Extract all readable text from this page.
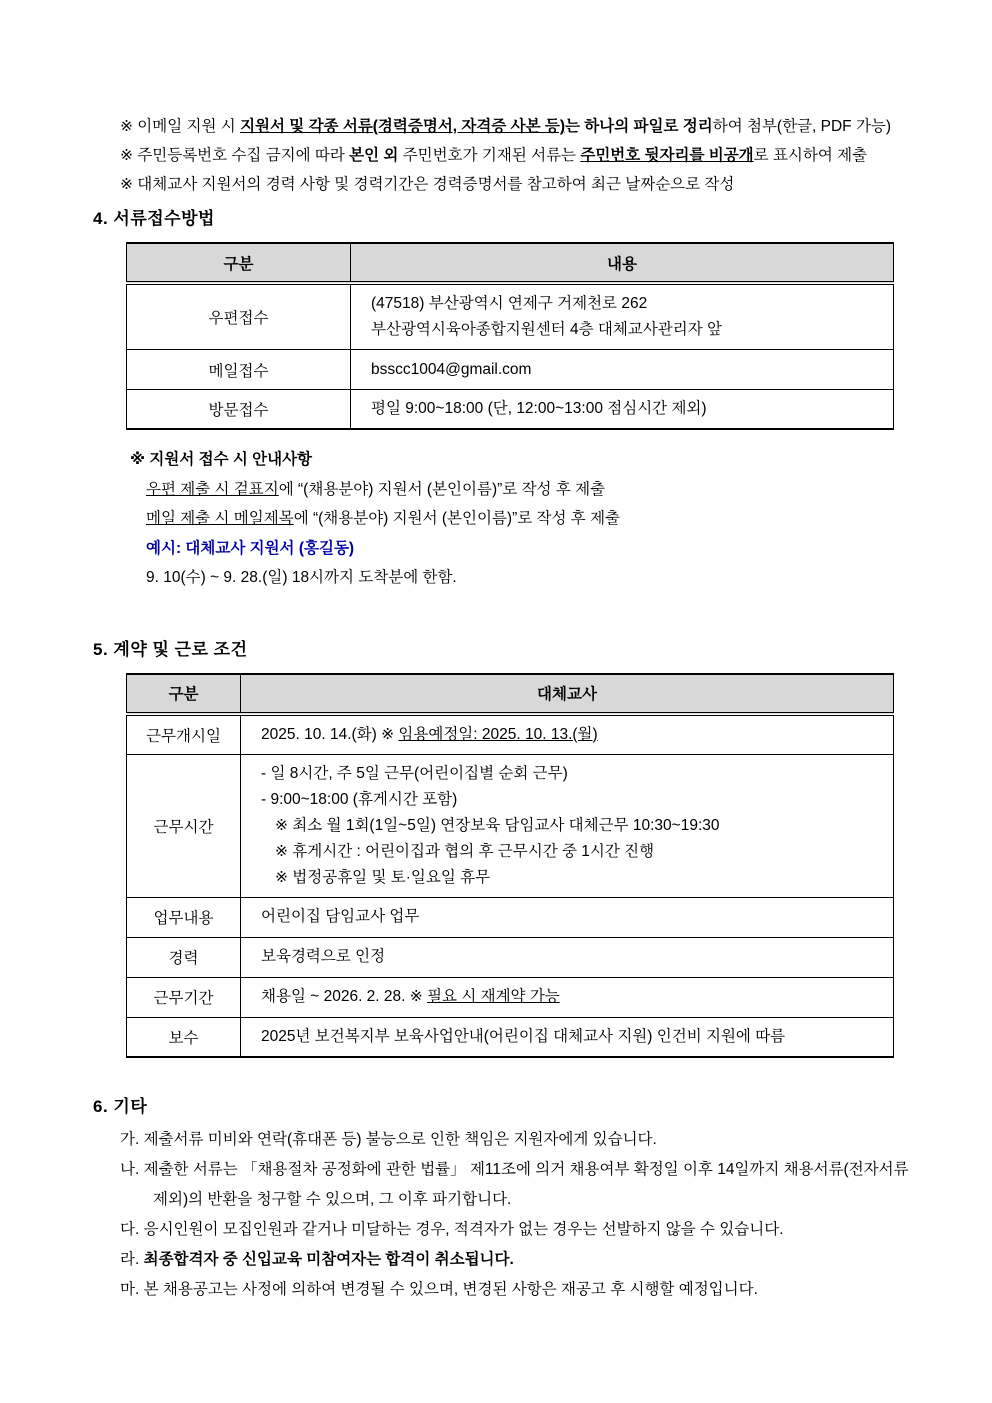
※ 이메일 지원 시 지원서 및 각종 서류(경력증명서, 자격증 사본 등)는 하나의 파일로 정리하여 첨부(한글, PDF 가능)
※ 주민등록번호 수집 금지에 따라 본인 외 주민번호가 기재된 서류는 주민번호 뒷자리를 비공개로 표시하여 제출
※ 대체교사 지원서의 경력 사항 및 경력기간은 경력증명서를 참고하여 최근 날짜순으로 작성
4. 서류접수방법
구분	내용
우편접수	(47518) 부산광역시 연제구 거제천로 262
부산광역시육아종합지원센터 4층 대체교사관리자 앞

메일접수	bsscc1004@gmail.com
방문접수	평일 9:00~18:00 (단, 12:00~13:00 점심시간 제외)
※ 지원서 접수 시 안내사항
우편 제출 시 겉표지에 “(채용분야) 지원서 (본인이름)”로 작성 후 제출
메일 제출 시 메일제목에 “(채용분야) 지원서 (본인이름)”로 작성 후 제출
예시: 대체교사 지원서 (홍길동)
9. 10(수) ~ 9. 28.(일) 18시까지 도착분에 한함.
5. 계약 및 근로 조건
구분	대체교사
근무개시일	2025. 10. 14.(화) ※ 임용예정일: 2025. 10. 13.(월)
근무시간	- 일 8시간, 주 5일 근무(어린이집별 순회 근무)
- 9:00~18:00 (휴게시간 포함)
※ 최소 월 1회(1일~5일) 연장보육 담임교사 대체근무 10:30~19:30
※ 휴게시간 : 어린이집과 협의 후 근무시간 중 1시간 진행
※ 법정공휴일 및 토·일요일 휴무

업무내용	어린이집 담임교사 업무
경력	보육경력으로 인정
근무기간	채용일 ~ 2026. 2. 28. ※ 필요 시 재계약 가능
보수	2025년 보건복지부 보육사업안내(어린이집 대체교사 지원) 인건비 지원에 따름
6. 기타
가. 제출서류 미비와 연락(휴대폰 등) 불능으로 인한 책임은 지원자에게 있습니다.
나. 제출한 서류는 「채용절차 공정화에 관한 법률」 제11조에 의거 채용여부 확정일 이후 14일까지 채용서류(전자서류 제외)의 반환을 청구할 수 있으며, 그 이후 파기합니다.
다. 응시인원이 모집인원과 같거나 미달하는 경우, 적격자가 없는 경우는 선발하지 않을 수 있습니다.
라. 최종합격자 중 신입교육 미참여자는 합격이 취소됩니다.
마. 본 채용공고는 사정에 의하여 변경될 수 있으며, 변경된 사항은 재공고 후 시행할 예정입니다.
